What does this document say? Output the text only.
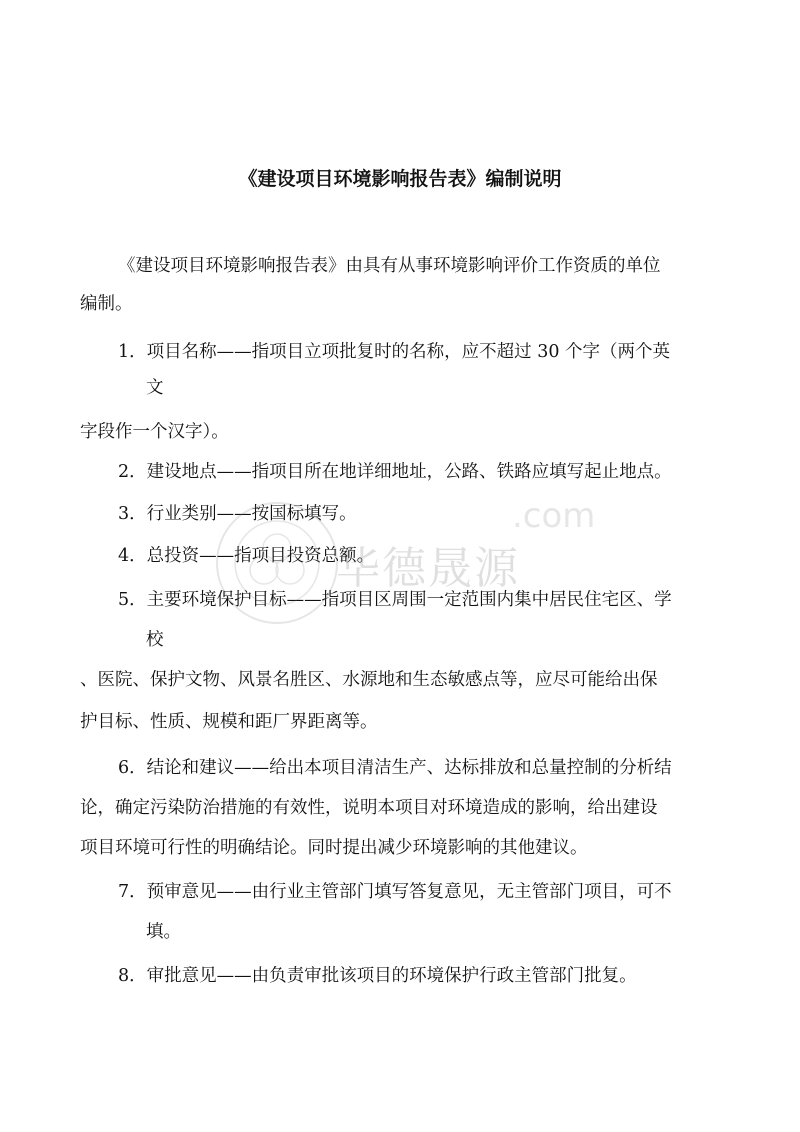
《建设项目环境影响报告表》编制说明
《建设项目环境影响报告表》由具有从事环境影响评价工作资质的单位
编制。
1．项目名称——指项目立项批复时的名称，应不超过 30 个字（两个英
文
字段作一个汉字）。
2．建设地点——指项目所在地详细地址，公路、铁路应填写起止地点。
3．行业类别——按国标填写。
4．总投资——指项目投资总额。
5．主要环境保护目标——指项目区周围一定范围内集中居民住宅区、学
校
、医院、保护文物、风景名胜区、水源地和生态敏感点等，应尽可能给出保
护目标、性质、规模和距厂界距离等。
6．结论和建议——给出本项目清洁生产、达标排放和总量控制的分析结
论，确定污染防治措施的有效性，说明本项目对环境造成的影响，给出建设
项目环境可行性的明确结论。同时提出减少环境影响的其他建议。
7．预审意见——由行业主管部门填写答复意见，无主管部门项目，可不
填。
8．审批意见——由负责审批该项目的环境保护行政主管部门批复。
华德晟源
.com
